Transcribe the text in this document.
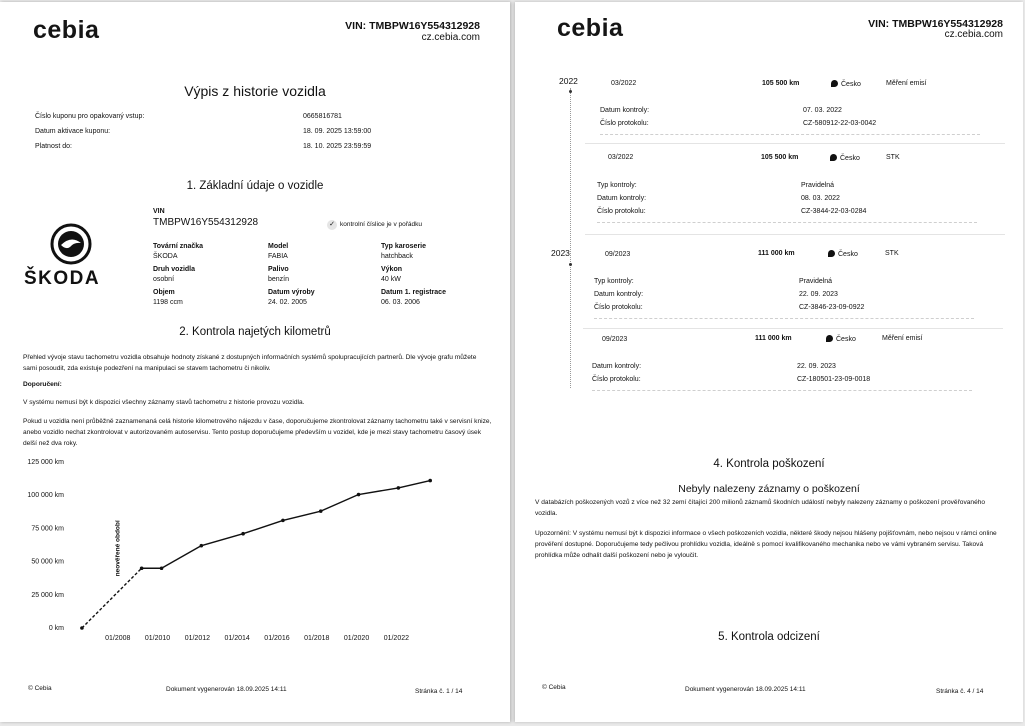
cebia	VIN: TMBPW16Y554312928
cz.cebia.com
Výpis z historie vozidla
Číslo kuponu pro opakovaný vstup:	0665816781
Datum aktivace kuponu:	18. 09. 2025 13:59:00
Platnost do:	18. 10. 2025 23:59:59
1. Základní údaje o vozidle
ŠKODA
VIN
TMBPW16Y554312928	✓ kontrolní číslice je v pořádku
Tovární značka
ŠKODA
Model
FABIA
Typ karoserie
hatchback
Druh vozidla
osobní
Palivo
benzín
Výkon
40 kW
Objem
1198 ccm
Datum výroby
24. 02. 2005
Datum 1. registrace
06. 03. 2006
2. Kontrola najetých kilometrů
Přehled vývoje stavu tachometru vozidla obsahuje hodnoty získané z dostupných informačních systémů spolupracujících partnerů. Dle vývoje grafu můžete sami posoudit, zda existuje podezření na manipulaci se stavem tachometru či nikoliv.
Doporučení:
V systému nemusí být k dispozici všechny záznamy stavů tachometru z historie provozu vozidla.
Pokud u vozidla není průběžně zaznamenaná celá historie kilometrového nájezdu v čase, doporučujeme zkontrolovat záznamy tachometru také v servisní knize, anebo vozidlo nechat zkontrolovat v autorizovaném autoservisu. Tento postup doporučujeme především u vozidel, kde je mezi stavy tachometru časový úsek delší než dva roky.
125 000 km
100 000 km
75 000 km
50 000 km
25 000 km
0 km
01/2008 01/2010 01/2012 01/2014 01/2016 01/2018 01/2020 01/2022
neověřené období
© Cebia	Dokument vygenerován 18.09.2025 14:11	Stránka č. 1 / 14
cebia	VIN: TMBPW16Y554312928
cz.cebia.com
2022	03/2022	105 500 km	Česko	Měření emisí
Datum kontroly:	07. 03. 2022
Číslo protokolu:	CZ-580912-22-03-0042
03/2022	105 500 km	Česko	STK
Typ kontroly:	Pravidelná
Datum kontroly:	08. 03. 2022
Číslo protokolu:	CZ-3844-22-03-0284
2023	09/2023	111 000 km	Česko	STK
Typ kontroly:	Pravidelná
Datum kontroly:	22. 09. 2023
Číslo protokolu:	CZ-3846-23-09-0922
09/2023	111 000 km	Česko	Měření emisí
Datum kontroly:	22. 09. 2023
Číslo protokolu:	CZ-180501-23-09-0018
4. Kontrola poškození
Nebyly nalezeny záznamy o poškození
V databázích poškozených vozů z více než 32 zemí čítající 200 milionů záznamů škodních událostí nebyly nalezeny záznamy o poškození prověřovaného vozidla.
Upozornění: V systému nemusí být k dispozici informace o všech poškozeních vozidla, některé škody nejsou hlášeny pojišťovnám, nebo nejsou v rámci online prověření dostupné. Doporučujeme tedy pečlivou prohlídku vozidla, ideálně s pomocí kvalifikovaného mechanika nebo ve vámi vybraném servisu. Taková prohlídka může odhalit další poškození nebo je vyloučit.
5. Kontrola odcizení
© Cebia	Dokument vygenerován 18.09.2025 14:11	Stránka č. 4 / 14
